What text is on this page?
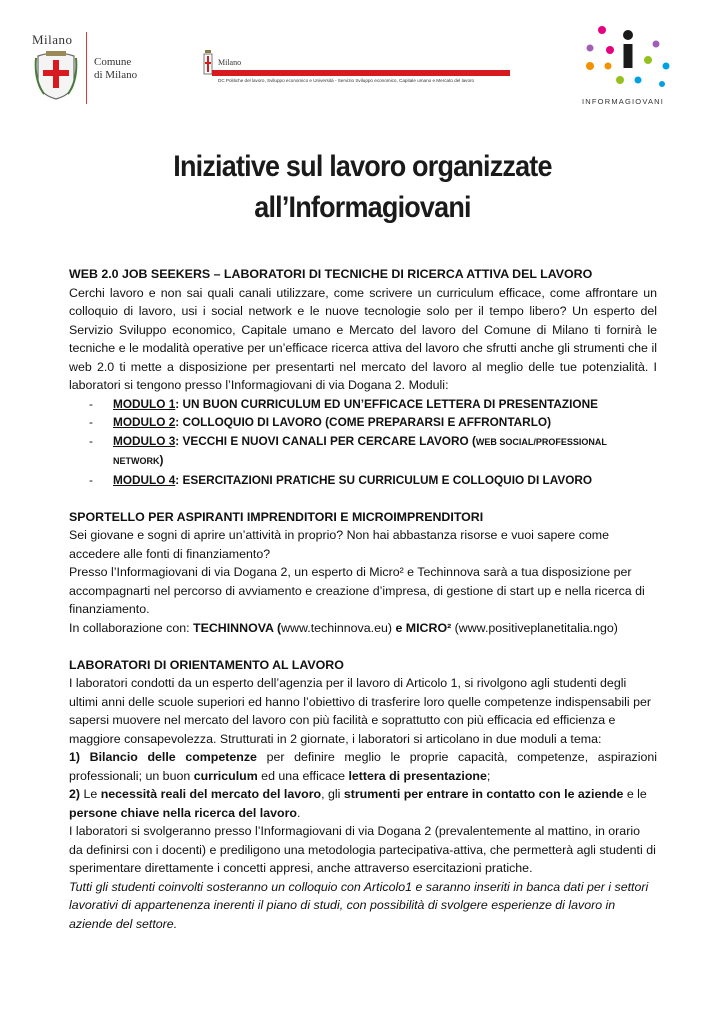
Milano
Comune
di Milano
Milano
DC Politiche del lavoro, Sviluppo economico e Università - Servizio Sviluppo economico, Capitale umano e Mercato del lavoro
INFORMAGIOVANI
Iniziative sul lavoro organizzate
all’Informagiovani

WEB 2.0 JOB SEEKERS – LABORATORI DI TECNICHE DI RICERCA ATTIVA DEL LAVORO

Cerchi lavoro e non sai quali canali utilizzare, come scrivere un curriculum efficace, come affrontare un colloquio di lavoro, usi i social network e le nuove tecnologie solo per il tempo libero? Un esperto del Servizio Sviluppo economico, Capitale umano e Mercato del lavoro del Comune di Milano ti fornirà le tecniche e le modalità operative per un’efficace ricerca attiva del lavoro che sfrutti anche gli strumenti che il web 2.0 ti mette a disposizione per presentarti nel mercato del lavoro al meglio delle tue potenzialità. I laboratori si tengono presso l’Informagiovani di via Dogana 2. Moduli:

- MODULO 1: UN BUON CURRICULUM ED UN’EFFICACE LETTERA DI PRESENTAZIONE
- MODULO 2: COLLOQUIO DI LAVORO (COME PREPARARSI E AFFRONTARLO)
- MODULO 3: VECCHI E NUOVI CANALI PER CERCARE LAVORO (WEB SOCIAL/PROFESSIONAL NETWORK)
- MODULO 4: ESERCITAZIONI PRATICHE SU CURRICULUM E COLLOQUIO DI LAVORO

SPORTELLO PER ASPIRANTI IMPRENDITORI E MICROIMPRENDITORI

Sei giovane e sogni di aprire un’attività in proprio? Non hai abbastanza risorse e vuoi sapere come accedere alle fonti di finanziamento?

Presso l’Informagiovani di via Dogana 2, un esperto di Micro² e Techinnova sarà a tua disposizione per accompagnarti nel percorso di avviamento e creazione d’impresa, di gestione di start up e nella ricerca di finanziamento.

In collaborazione con: TECHINNOVA (www.techinnova.eu) e MICRO² (www.positiveplanetitalia.ngo)

LABORATORI DI ORIENTAMENTO AL LAVORO

I laboratori condotti da un esperto dell’agenzia per il lavoro di Articolo 1, si rivolgono agli studenti degli ultimi anni delle scuole superiori ed hanno l’obiettivo di trasferire loro quelle competenze indispensabili per sapersi muovere nel mercato del lavoro con più facilità e soprattutto con più efficacia ed efficienza e maggiore consapevolezza. Strutturati in 2 giornate, i laboratori si articolano in due moduli a tema:

1) Bilancio delle competenze per definire meglio le proprie capacità, competenze, aspirazioni professionali; un buon curriculum ed una efficace lettera di presentazione;

2) Le necessità reali del mercato del lavoro, gli strumenti per entrare in contatto con le aziende e le persone chiave nella ricerca del lavoro.

I laboratori si svolgeranno presso l’Informagiovani di via Dogana 2 (prevalentemente al mattino, in orario da definirsi con i docenti) e prediligono una metodologia partecipativa-attiva, che permetterà agli studenti di sperimentare direttamente i concetti appresi, anche attraverso esercitazioni pratiche.

Tutti gli studenti coinvolti sosteranno un colloquio con Articolo1 e saranno inseriti in banca dati per i settori lavorativi di appartenenza inerenti il piano di studi, con possibilità di svolgere esperienze di lavoro in aziende del settore.
